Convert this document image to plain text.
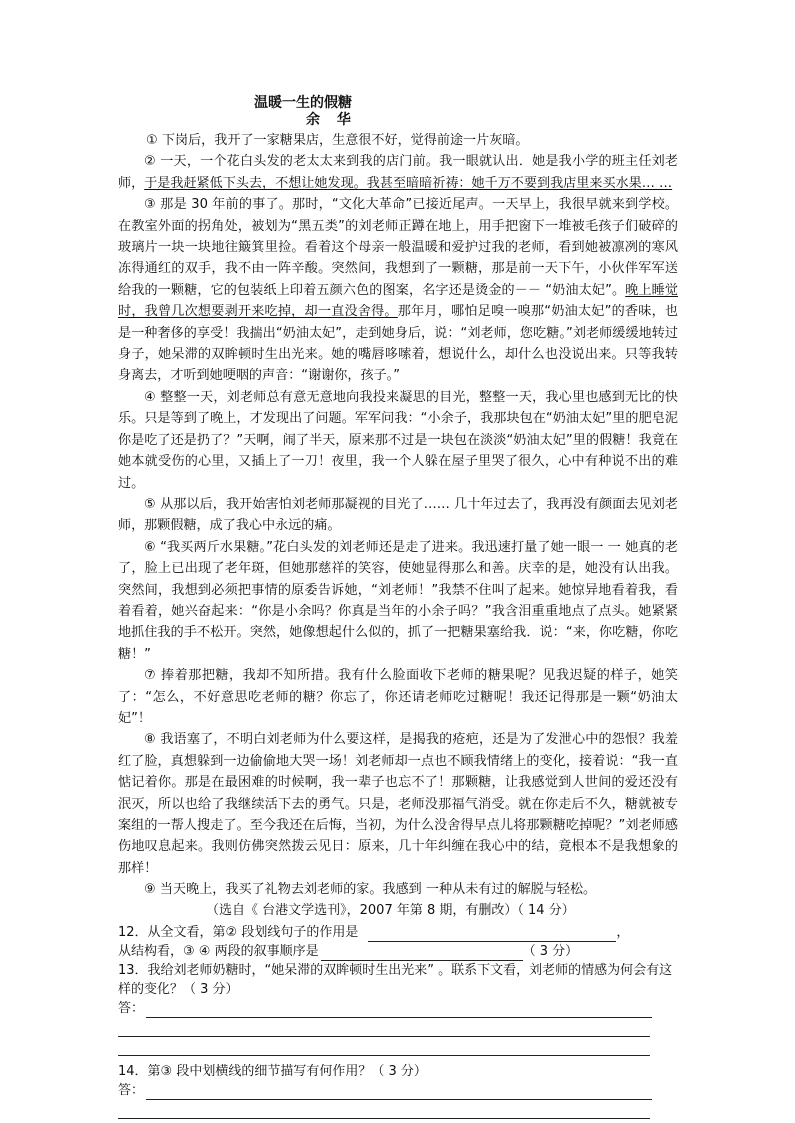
温暖一生的假糖
余 华

① 下岗后，我开了一家糖果店，生意很不好，觉得前途一片灰暗。

② 一天，一个花白头发的老太太来到我的店门前。我一眼就认出．她是我小学的班主任刘老师，于是我赶紧低下头去，不想让她发现。我甚至暗暗祈祷：她千万不要到我店里来买水果… …

③ 那是 30 年前的事了。那时，“文化大革命”已接近尾声。一天早上，我很早就来到学校。在教室外面的拐角处，被划为“黑五类”的刘老师正蹲在地上，用手把窗下一堆被毛孩子们破碎的玻璃片一块一块地往簸箕里捡。看着这个母亲一般温暖和爱护过我的老师，看到她被凛冽的寒风冻得通红的双手，我不由一阵辛酸。突然间，我想到了一颗糖，那是前一天下午，小伙伴军军送给我的一颗糖，它的包装纸上印着五颜六色的图案，名字还是烫金的－－ “奶油太妃”。晚上睡觉时，我曾几次想要剥开来吃掉，却一直没舍得。那年月，哪怕足嗅一嗅那“奶油太妃”的香味，也是一种奢侈的享受！我揣出“奶油太妃”，走到她身后，说：“刘老师，您吃糖。”刘老师缓缓地转过身子，她呆滞的双眸顿时生出光来。她的嘴唇哆嗦着，想说什么，却什么也没说出来。只等我转身离去，才听到她哽咽的声音：“谢谢你，孩子。”

④ 整整一天，刘老师总有意无意地向我投来凝思的目光，整整一天，我心里也感到无比的快乐。只是等到了晚上，才发现出了问题。军军问我：“小余子，我那块包在“奶油太妃”里的肥皂泥你是吃了还是扔了？”天啊，闹了半天，原来那不过是一块包在淡淡“奶油太妃”里的假糖！我竟在她本就受伤的心里，又插上了一刀！夜里，我一个人躲在屋子里哭了很久，心中有种说不出的难过。

⑤ 从那以后，我开始害怕刘老师那凝视的目光了…… 几十年过去了，我再没有颜面去见刘老师，那颗假糖，成了我心中永远的痛。

⑥ “我买两斤水果糖。”花白头发的刘老师还是走了进来。我迅速打量了她一眼一 一 她真的老了，脸上已出现了老年斑，但她那慈祥的笑容，使她显得那么和善。庆幸的是，她没有认出我。突然间，我想到必须把事情的原委告诉她，“刘老师！”我禁不住叫了起来。她惊异地看着我，看着看着，她兴奋起来：“你是小余吗？你真是当年的小余子吗？”我含泪重重地点了点头。她紧紧地抓住我的手不松开。突然，她像想起什么似的，抓了一把糖果塞给我．说：“来，你吃糖，你吃糖！”

⑦ 捧着那把糖，我却不知所措。我有什么脸面收下老师的糖果呢？见我迟疑的样子，她笑了：“怎么，不好意思吃老师的糖？你忘了，你还请老师吃过糖呢！我还记得那是一颗“奶油太妃”！

⑧ 我语塞了，不明白刘老师为什么要这样，是揭我的疮疤，还是为了发泄心中的怨恨？我羞红了脸，真想躲到一边偷偷地大哭一场！刘老师却一点也不顾我情绪上的变化，接着说：“我一直惦记着你。那是在最困难的时候啊，我一辈子也忘不了！那颗糖，让我感觉到人世间的爱还没有泯灭，所以也给了我继续活下去的勇气。只是，老师没那福气消受。就在你走后不久，糖就被专案组的一帮人搜走了。至今我还在后悔，当初，为什么没舍得早点儿将那颗糖吃掉呢？”刘老师感伤地叹息起来。我则仿佛突然拨云见日：原来，几十年纠缠在我心中的结，竟根本不是我想象的那样！

⑨ 当天晚上，我买了礼物去刘老师的家。我感到 一种从未有过的解脱与轻松。

（选自《 台港文学选刊》，2007 年第 8 期，有删改）（ 14 分）
12．从全文看，第② 段划线句子的作用是	，
从结构看，③ ④ 两段的叙事顺序是	（ 3 分）

13．我给刘老师奶糖时，“她呆滞的双眸顿时生出光来” 。联系下文看，刘老师的情感为何会有这样的变化？（ 3 分）

答：

14．第③ 段中划横线的细节描写有何作用？（ 3 分）

答：
